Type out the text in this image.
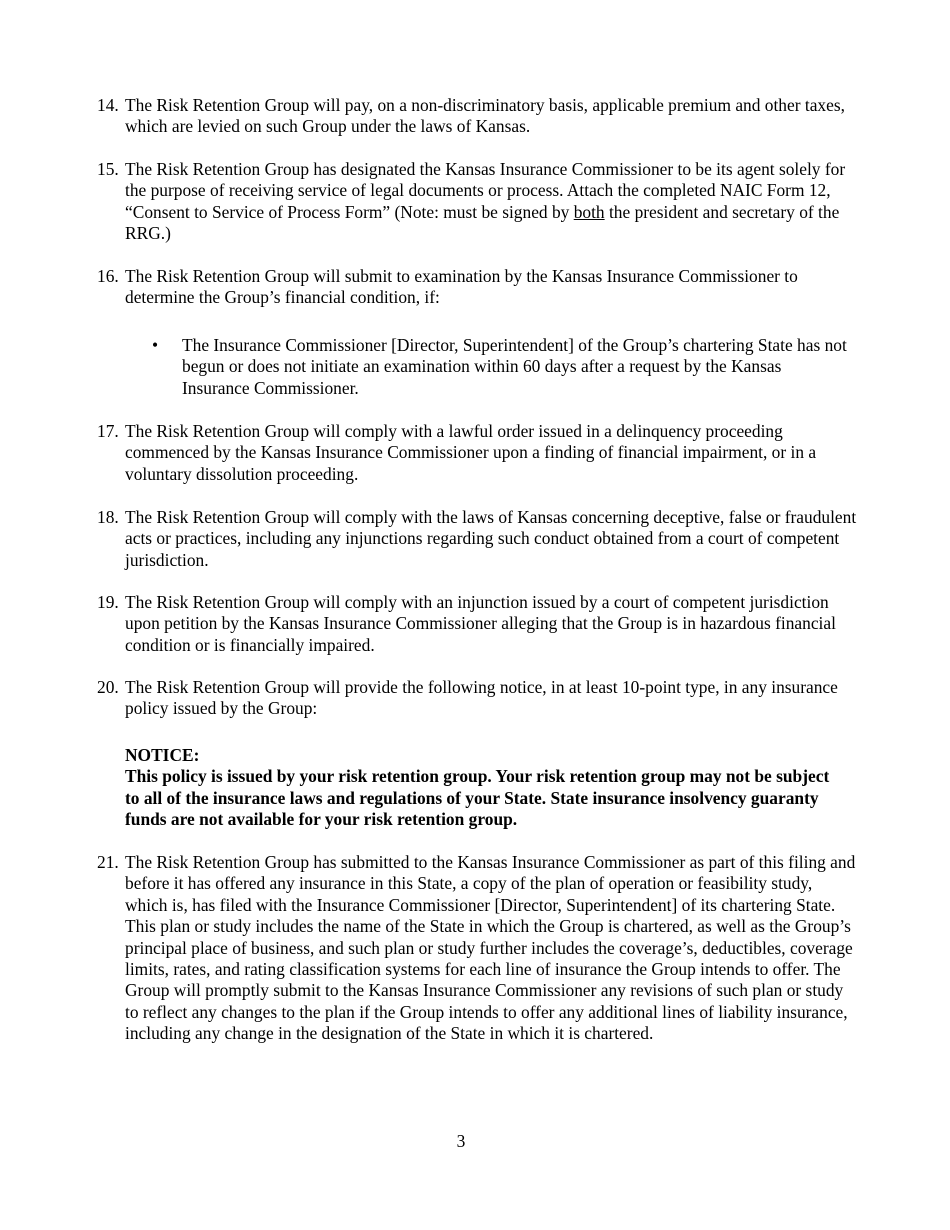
14. The Risk Retention Group will pay, on a non-discriminatory basis, applicable premium and other taxes, which are levied on such Group under the laws of Kansas.
15. The Risk Retention Group has designated the Kansas Insurance Commissioner to be its agent solely for the purpose of receiving service of legal documents or process. Attach the completed NAIC Form 12, “Consent to Service of Process Form” (Note: must be signed by both the president and secretary of the RRG.)
16. The Risk Retention Group will submit to examination by the Kansas Insurance Commissioner to determine the Group’s financial condition, if:
• The Insurance Commissioner [Director, Superintendent] of the Group’s chartering State has not begun or does not initiate an examination within 60 days after a request by the Kansas Insurance Commissioner.
17. The Risk Retention Group will comply with a lawful order issued in a delinquency proceeding commenced by the Kansas Insurance Commissioner upon a finding of financial impairment, or in a voluntary dissolution proceeding.
18. The Risk Retention Group will comply with the laws of Kansas concerning deceptive, false or fraudulent acts or practices, including any injunctions regarding such conduct obtained from a court of competent jurisdiction.
19. The Risk Retention Group will comply with an injunction issued by a court of competent jurisdiction upon petition by the Kansas Insurance Commissioner alleging that the Group is in hazardous financial condition or is financially impaired.
20. The Risk Retention Group will provide the following notice, in at least 10-point type, in any insurance policy issued by the Group:
NOTICE:
This policy is issued by your risk retention group. Your risk retention group may not be subject to all of the insurance laws and regulations of your State. State insurance insolvency guaranty funds are not available for your risk retention group.
21. The Risk Retention Group has submitted to the Kansas Insurance Commissioner as part of this filing and before it has offered any insurance in this State, a copy of the plan of operation or feasibility study, which is, has filed with the Insurance Commissioner [Director, Superintendent] of its chartering State. This plan or study includes the name of the State in which the Group is chartered, as well as the Group’s principal place of business, and such plan or study further includes the coverage’s, deductibles, coverage limits, rates, and rating classification systems for each line of insurance the Group intends to offer. The Group will promptly submit to the Kansas Insurance Commissioner any revisions of such plan or study to reflect any changes to the plan if the Group intends to offer any additional lines of liability insurance, including any change in the designation of the State in which it is chartered.
3
